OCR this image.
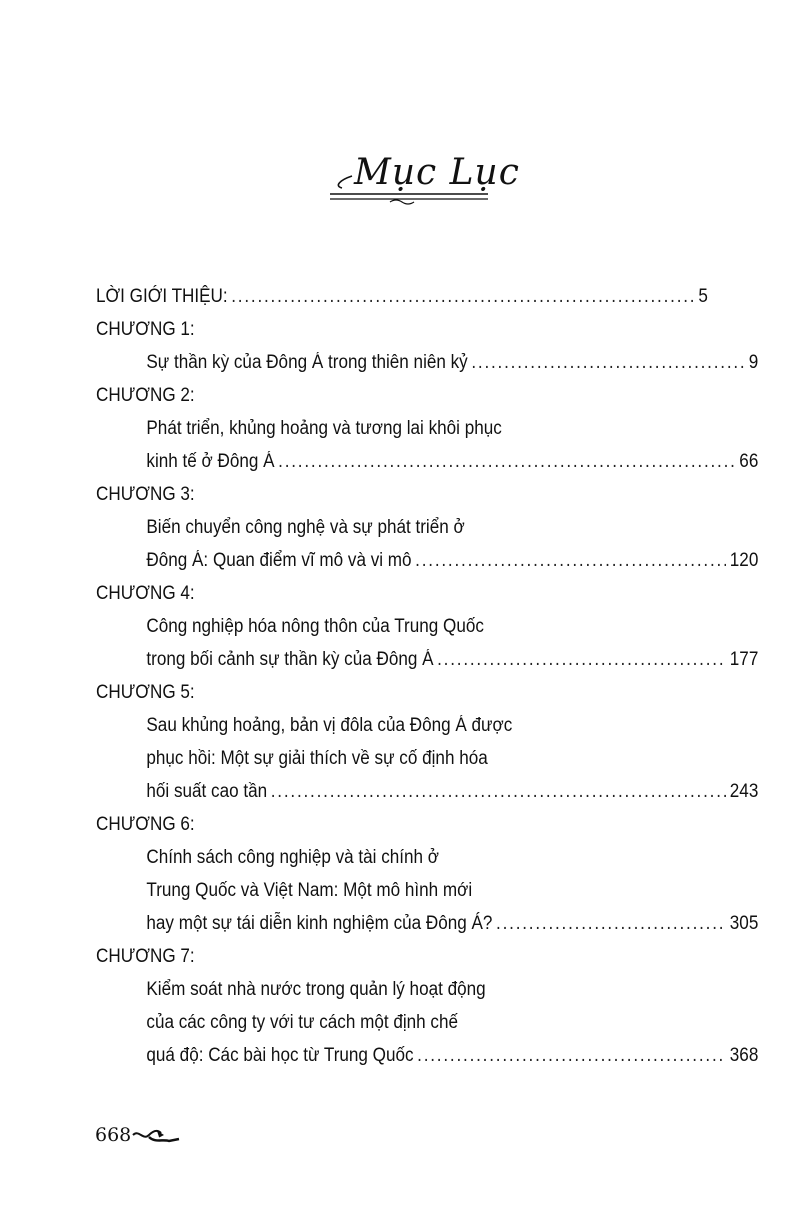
Mục Lục
LỜI GIỚI THIỆU: .....	5
CHƯƠNG 1:
Sự thần kỳ của Đông Á trong thiên niên kỷ .....	9
CHƯƠNG 2:
Phát triển, khủng hoảng và tương lai khôi phục
kinh tế ở Đông Á .....	66
CHƯƠNG 3:
Biến chuyển công nghệ và sự phát triển ở
Đông Á: Quan điểm vĩ mô và vi mô .....	120
CHƯƠNG 4:
Công nghiệp hóa nông thôn của Trung Quốc
trong bối cảnh sự thần kỳ của Đông Á .....	177
CHƯƠNG 5:
Sau khủng hoảng, bản vị đôla của Đông Á được
phục hồi: Một sự giải thích về sự cố định hóa
hối suất cao tần .....	243
CHƯƠNG 6:
Chính sách công nghiệp và tài chính ở
Trung Quốc và Việt Nam: Một mô hình mới
hay một sự tái diễn kinh nghiệm của Đông Á? .....	305
CHƯƠNG 7:
Kiểm soát nhà nước trong quản lý hoạt động
của các công ty với tư cách một định chế
quá độ: Các bài học từ Trung Quốc .....	368
668
